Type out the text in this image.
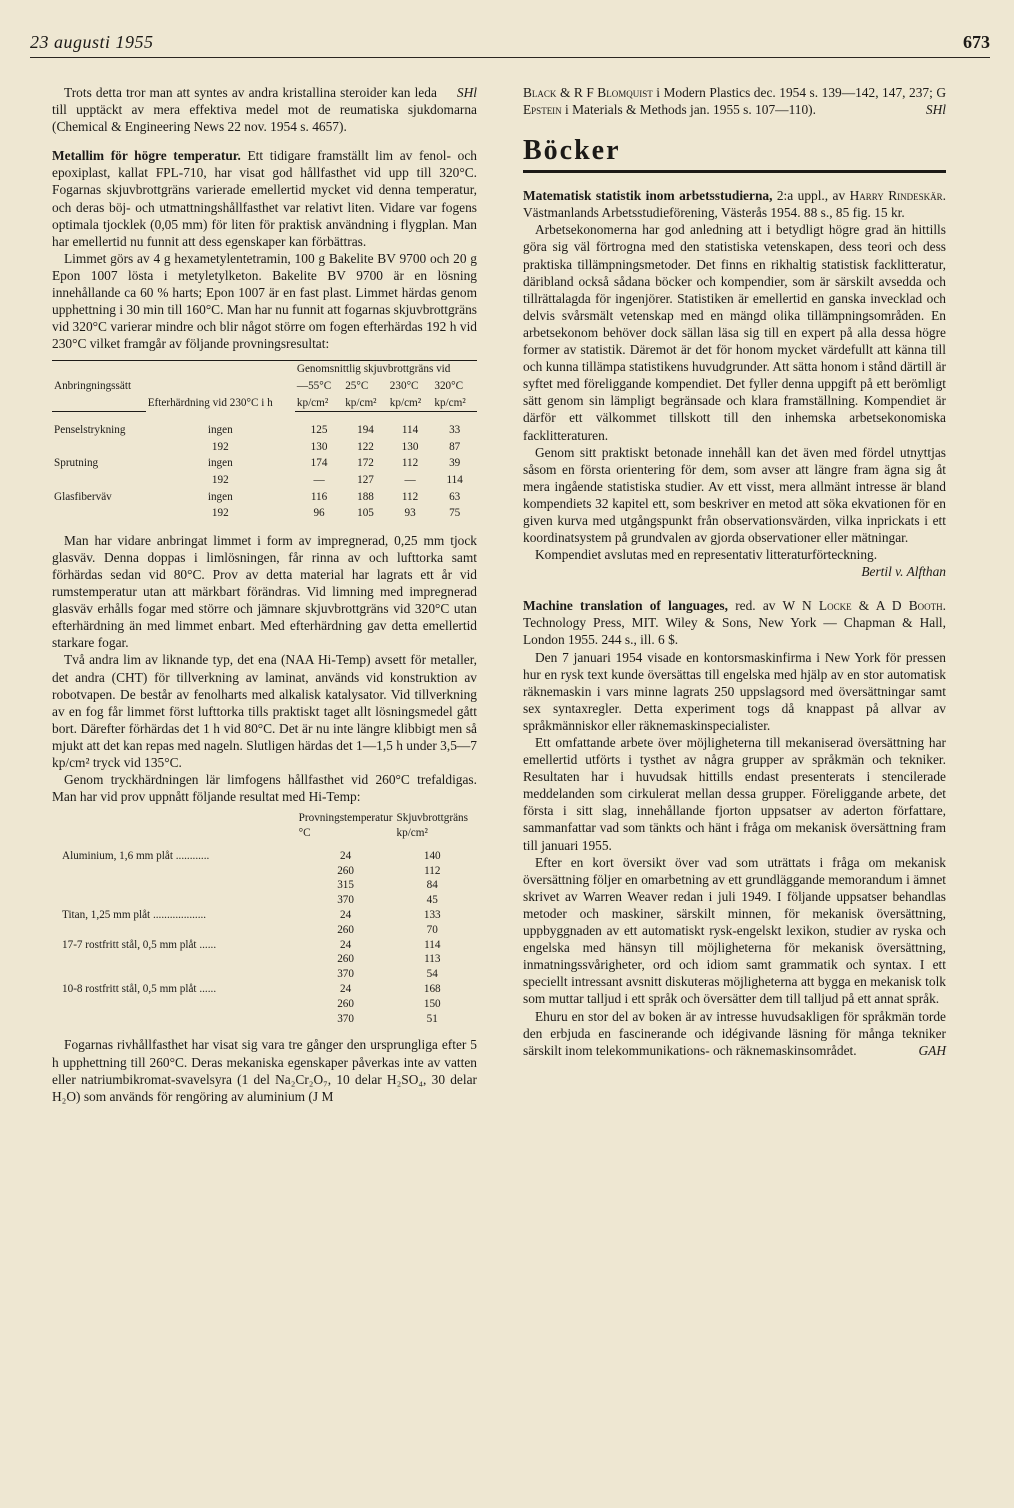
23 augusti 1955	673

SHl
Trots detta tror man att syntes av andra kristallina steroider kan leda till upptäckt av mera effektiva medel mot de reumatiska sjukdomarna (Chemical & Engineering News 22 nov. 1954 s. 4657).

Metallim för högre temperatur. Ett tidigare framställt lim av fenol- och epoxiplast, kallat FPL-710, har visat god hållfasthet vid upp till 320°C. Fogarnas skjuvbrottgräns varierade emellertid mycket vid denna temperatur, och deras böj- och utmattningshållfasthet var relativt liten. Vidare var fogens optimala tjocklek (0,05 mm) för liten för praktisk användning i flygplan. Man har emellertid nu funnit att dess egenskaper kan förbättras.

Limmet görs av 4 g hexametylentetramin, 100 g Bakelite BV 9700 och 20 g Epon 1007 lösta i metyletylketon. Bakelite BV 9700 är en lösning innehållande ca 60 % harts; Epon 1007 är en fast plast. Limmet härdas genom upphettning i 30 min till 160°C. Man har nu funnit att fogarnas skjuvbrottgräns vid 320°C varierar mindre och blir något större om fogen efterhärdas 192 h vid 230°C vilket framgår av följande provningsresultat:

Anbringningssätt	Efterhärdning vid 230°C i h	Genomsnittlig skjuvbrottgräns vid			
		—55°C	25°C	230°C	320°C
		kp/cm²	kp/cm²	kp/cm²	kp/cm²

Penselstrykning	ingen	125	194	114	33
	192	130	122	130	87
Sprutning	ingen	174	172	112	39
	192	—	127	—	114
Glasfiberväv	ingen	116	188	112	63
	192	96	105	93	75

Man har vidare anbringat limmet i form av impregnerad, 0,25 mm tjock glasväv. Denna doppas i limlösningen, får rinna av och lufttorka samt förhärdas sedan vid 80°C. Prov av detta material har lagrats ett år vid rumstemperatur utan att märkbart förändras. Vid limning med impregnerad glasväv erhålls fogar med större och jämnare skjuvbrottgräns vid 320°C utan efterhärdning än med limmet enbart. Med efterhärdning gav detta emellertid starkare fogar.

Två andra lim av liknande typ, det ena (NAA Hi-Temp) avsett för metaller, det andra (CHT) för tillverkning av laminat, används vid konstruktion av robotvapen. De består av fenolharts med alkalisk katalysator. Vid tillverkning av en fog får limmet först lufttorka tills praktiskt taget allt lösningsmedel gått bort. Därefter förhärdas det 1 h vid 80°C. Det är nu inte längre klibbigt men så mjukt att det kan repas med nageln. Slutligen härdas det 1—1,5 h under 3,5—7 kp/cm² tryck vid 135°C.

Genom tryckhärdningen lär limfogens hållfasthet vid 260°C trefaldigas. Man har vid prov uppnått följande resultat med Hi-Temp:

	Provningstemperatur °C	Skjuvbrottgräns kp/cm²
Aluminium, 1,6 mm plåt ............	24	140
	260	112
	315	84
	370	45
Titan, 1,25 mm plåt ...................	24	133
	260	70
17-7 rostfritt stål, 0,5 mm plåt ......	24	114
	260	113
	370	54
10-8 rostfritt stål, 0,5 mm plåt ......	24	168
	260	150
	370	51

Fogarnas rivhållfasthet har visat sig vara tre gånger den ursprungliga efter 5 h upphettning till 260°C. Deras mekaniska egenskaper påverkas inte av vatten eller natriumbikromat-svavelsyra (1 del Na₂Cr₂O₇, 10 delar H₂SO₄, 30 delar H₂O) som används för rengöring av aluminium (J M

Black & R F Blomquist i Modern Plastics dec. 1954 s. 139—142, 147, 237; G Epstein i Materials & Methods jan. 1955 s. 107—110).	SHl

Böcker

Matematisk statistik inom arbetsstudierna, 2:a uppl., av Harry Rindeskär. Västmanlands Arbetsstudieförening, Västerås 1954. 88 s., 85 fig. 15 kr.

Arbetsekonomerna har god anledning att i betydligt högre grad än hittills göra sig väl förtrogna med den statistiska vetenskapen, dess teori och dess praktiska tillämpningsmetoder. Det finns en rikhaltig statistisk facklitteratur, däribland också sådana böcker och kompendier, som är särskilt avsedda och tillrättalagda för ingenjörer. Statistiken är emellertid en ganska invecklad och delvis svårsmält vetenskap med en mängd olika tillämpningsområden. En arbetsekonom behöver dock sällan läsa sig till en expert på alla dessa högre former av statistik. Däremot är det för honom mycket värdefullt att känna till och kunna tillämpa statistikens huvudgrunder. Att sätta honom i stånd därtill är syftet med föreliggande kompendiet. Det fyller denna uppgift på ett berömligt sätt genom sin lämpligt begränsade och klara framställning. Kompendiet är därför ett välkommet tillskott till den inhemska arbetsekonomiska facklitteraturen.

Genom sitt praktiskt betonade innehåll kan det även med fördel utnyttjas såsom en första orientering för dem, som avser att längre fram ägna sig åt mera ingående statistiska studier. Av ett visst, mera allmänt intresse är bland kompendiets 32 kapitel ett, som beskriver en metod att söka ekvationen för en given kurva med utgångspunkt från observationsvärden, vilka inprickats i ett koordinatsystem på grundvalen av gjorda observationer eller mätningar.

Kompendiet avslutas med en representativ litteraturförteckning.
Bertil v. Alfthan

Machine translation of languages, red. av W N Locke & A D Booth. Technology Press, MIT. Wiley & Sons, New York — Chapman & Hall, London 1955. 244 s., ill. 6 $.

Den 7 januari 1954 visade en kontorsmaskinfirma i New York för pressen hur en rysk text kunde översättas till engelska med hjälp av en stor automatisk räknemaskin i vars minne lagrats 250 uppslagsord med översättningar samt sex syntaxregler. Detta experiment togs då knappast på allvar av språkmänniskor eller räknemaskinspecialister.

Ett omfattande arbete över möjligheterna till mekaniserad översättning har emellertid utförts i tysthet av några grupper av språkmän och tekniker. Resultaten har i huvudsak hittills endast presenterats i stencilerade meddelanden som cirkulerat mellan dessa grupper. Föreliggande arbete, det första i sitt slag, innehållande fjorton uppsatser av aderton författare, sammanfattar vad som tänkts och hänt i fråga om mekanisk översättning fram till januari 1955.

Efter en kort översikt över vad som uträttats i fråga om mekanisk översättning följer en omarbetning av ett grundläggande memorandum i ämnet skrivet av Warren Weaver redan i juli 1949. I följande uppsatser behandlas metoder och maskiner, särskilt minnen, för mekanisk översättning, uppbyggnaden av ett automatiskt rysk-engelskt lexikon, studier av ryska och engelska med hänsyn till möjligheterna för mekanisk översättning, inmatningssvårigheter, ord och idiom samt grammatik och syntax. I ett speciellt intressant avsnitt diskuteras möjligheterna att bygga en mekanisk tolk som muttar talljud i ett språk och översätter dem till talljud på ett annat språk.

Ehuru en stor del av boken är av intresse huvudsakligen för språkmän torde den erbjuda en fascinerande och idégivande läsning för många tekniker särskilt inom telekommunikations- och räknemaskinsområdet.	GAH
